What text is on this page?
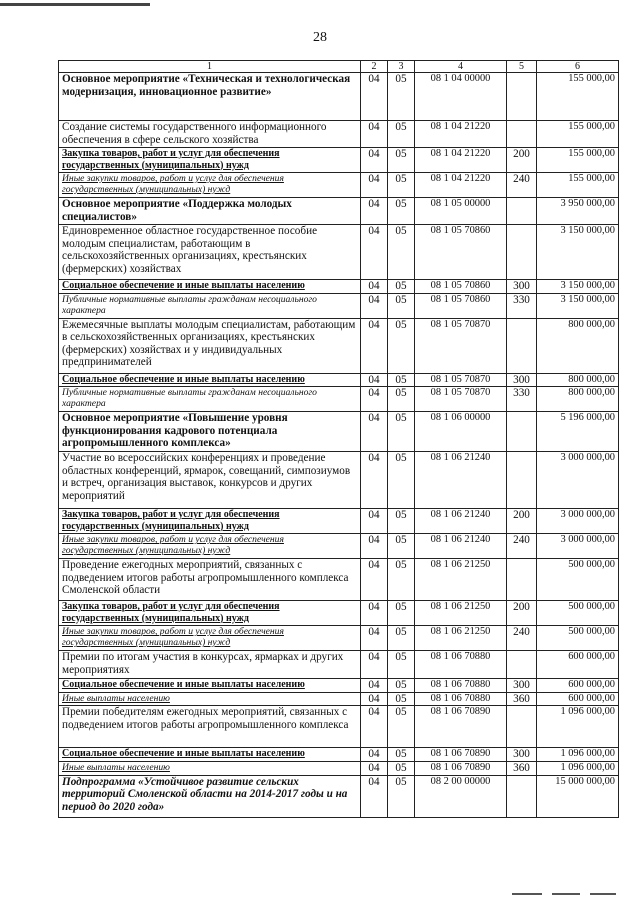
28
1	2	3	4	5	6
Основное мероприятие «Техническая и технологическая модернизация, инновационное развитие»	04	05	08 1 04 00000		155 000,00
Создание системы государственного информационного обеспечения в сфере сельского хозяйства	04	05	08 1 04 21220		155 000,00
Закупка товаров, работ и услуг для обеспечения государственных (муниципальных) нужд	04	05	08 1 04 21220	200	155 000,00
Иные закупки товаров, работ и услуг для обеспечения государственных (муниципальных) нужд	04	05	08 1 04 21220	240	155 000,00
Основное мероприятие «Поддержка молодых специалистов»	04	05	08 1 05 00000		3 950 000,00
Единовременное областное государственное пособие молодым специалистам, работающим в сельскохозяйственных организациях, крестьянских (фермерских) хозяйствах	04	05	08 1 05 70860		3 150 000,00
Социальное обеспечение и иные выплаты населению	04	05	08 1 05 70860	300	3 150 000,00
Публичные нормативные выплаты гражданам несоциального характера	04	05	08 1 05 70860	330	3 150 000,00
Ежемесячные выплаты молодым специалистам, работающим в сельскохозяйственных организациях, крестьянских (фермерских) хозяйствах и у индивидуальных предпринимателей	04	05	08 1 05 70870		800 000,00
Социальное обеспечение и иные выплаты населению	04	05	08 1 05 70870	300	800 000,00
Публичные нормативные выплаты гражданам несоциального характера	04	05	08 1 05 70870	330	800 000,00
Основное мероприятие «Повышение уровня функционирования кадрового потенциала агропромышленного комплекса»	04	05	08 1 06 00000		5 196 000,00
Участие во всероссийских конференциях и проведение областных конференций, ярмарок, совещаний, симпозиумов и встреч, организация выставок, конкурсов и других мероприятий	04	05	08 1 06 21240		3 000 000,00
Закупка товаров, работ и услуг для обеспечения государственных (муниципальных) нужд	04	05	08 1 06 21240	200	3 000 000,00
Иные закупки товаров, работ и услуг для обеспечения государственных (муниципальных) нужд	04	05	08 1 06 21240	240	3 000 000,00
Проведение ежегодных мероприятий, связанных с подведением итогов работы агропромышленного комплекса Смоленской области	04	05	08 1 06 21250		500 000,00
Закупка товаров, работ и услуг для обеспечения государственных (муниципальных) нужд	04	05	08 1 06 21250	200	500 000,00
Иные закупки товаров, работ и услуг для обеспечения государственных (муниципальных) нужд	04	05	08 1 06 21250	240	500 000,00
Премии по итогам участия в конкурсах, ярмарках и других мероприятиях	04	05	08 1 06 70880		600 000,00
Социальное обеспечение и иные выплаты населению	04	05	08 1 06 70880	300	600 000,00
Иные выплаты населению	04	05	08 1 06 70880	360	600 000,00
Премии победителям ежегодных мероприятий, связанных с подведением итогов работы агропромышленного комплекса	04	05	08 1 06 70890		1 096 000,00
Социальное обеспечение и иные выплаты населению	04	05	08 1 06 70890	300	1 096 000,00
Иные выплаты населению	04	05	08 1 06 70890	360	1 096 000,00
Подпрограмма «Устойчивое развитие сельских территорий Смоленской области на 2014-2017 годы и на период до 2020 года»	04	05	08 2 00 00000		15 000 000,00
